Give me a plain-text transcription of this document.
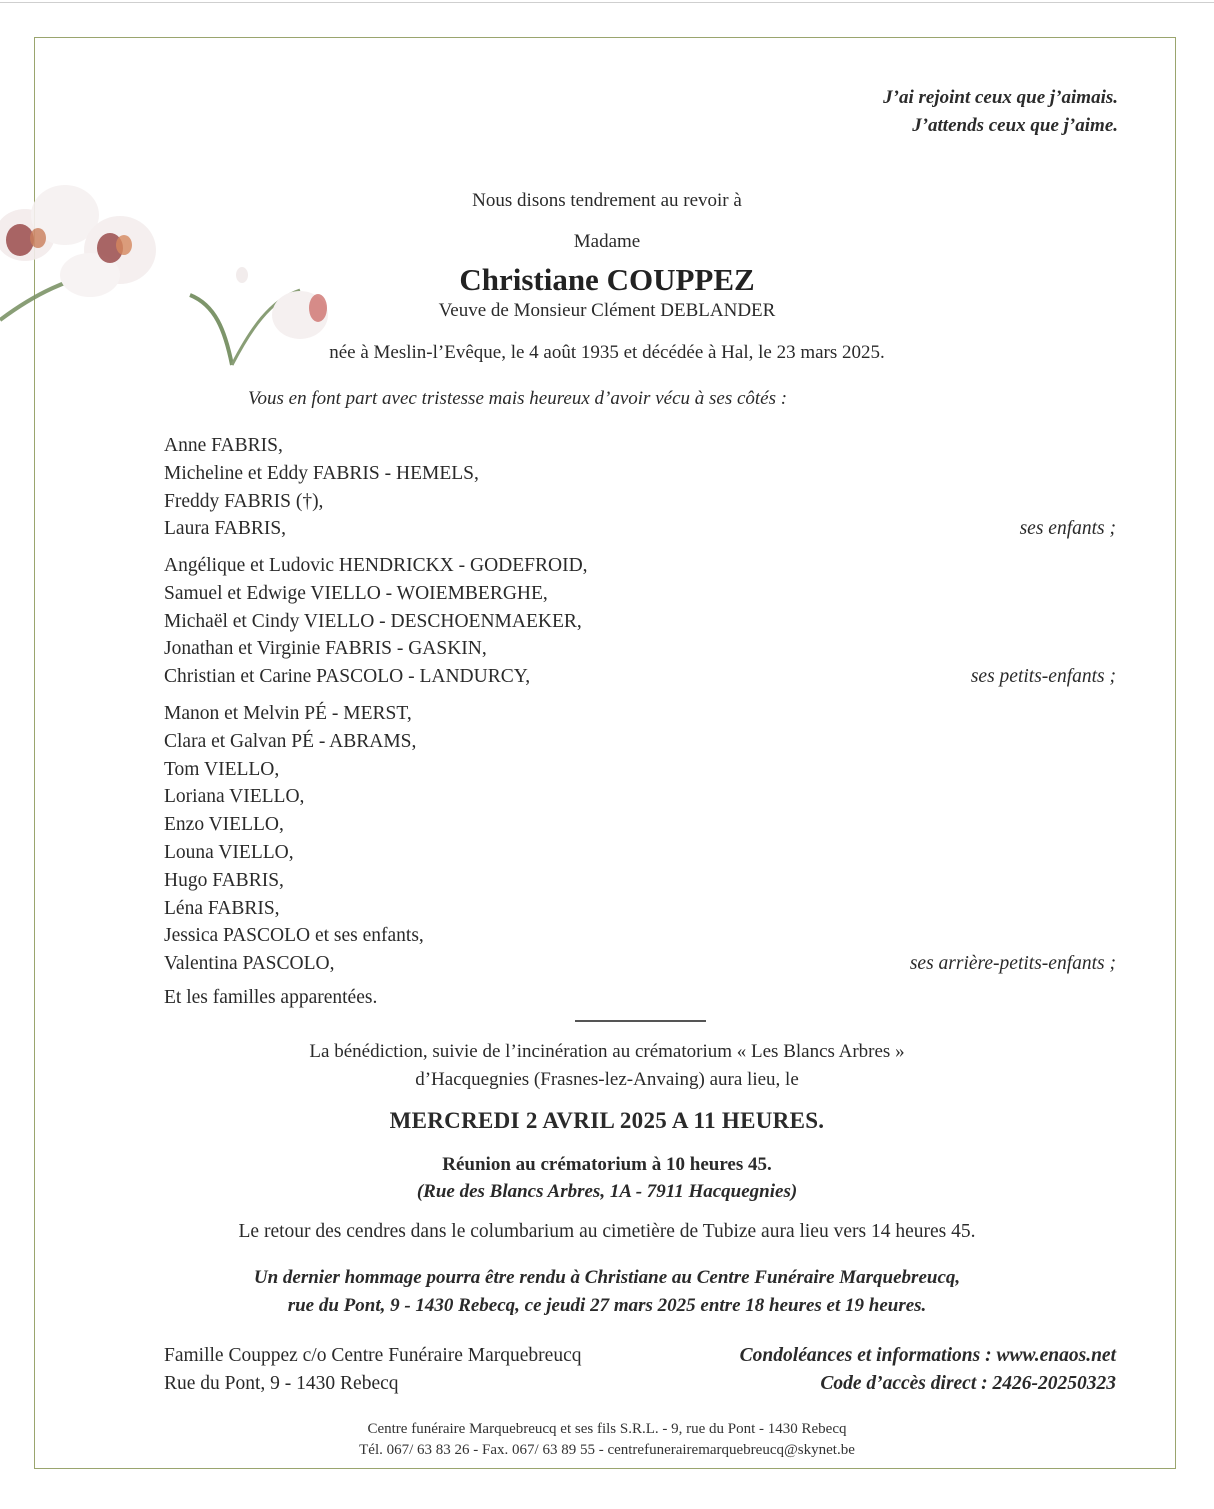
J’ai rejoint ceux que j’aimais.
J’attends ceux que j’aime.
Nous disons tendrement au revoir à
Madame
Christiane COUPPEZ
Veuve de Monsieur Clément DEBLANDER
née à Meslin-l’Evêque, le 4 août 1935 et décédée à Hal, le 23 mars 2025.
Vous en font part avec tristesse mais heureux d’avoir vécu à ses côtés :
Anne FABRIS,
Micheline et Eddy FABRIS - HEMELS,
Freddy FABRIS (†),
Laura FABRIS,	ses enfants ;
Angélique et Ludovic HENDRICKX - GODEFROID,
Samuel et Edwige VIELLO - WOIEMBERGHE,
Michaël et Cindy VIELLO - DESCHOENMAEKER,
Jonathan et Virginie FABRIS - GASKIN,
Christian et Carine PASCOLO - LANDURCY,	ses petits-enfants ;
Manon et Melvin PÉ - MERST,
Clara et Galvan PÉ - ABRAMS,
Tom VIELLO,
Loriana VIELLO,
Enzo VIELLO,
Louna VIELLO,
Hugo FABRIS,
Léna FABRIS,
Jessica PASCOLO et ses enfants,
Valentina PASCOLO,	ses arrière-petits-enfants ;
Et les familles apparentées.
La bénédiction, suivie de l’incinération au crématorium « Les Blancs Arbres »
d’Hacquegnies (Frasnes-lez-Anvaing) aura lieu, le
MERCREDI 2 AVRIL 2025 A 11 HEURES.
Réunion au crématorium à 10 heures 45.
(Rue des Blancs Arbres, 1A - 7911 Hacquegnies)
Le retour des cendres dans le columbarium au cimetière de Tubize aura lieu vers 14 heures 45.
Un dernier hommage pourra être rendu à Christiane au Centre Funéraire Marquebreucq,
rue du Pont, 9 - 1430 Rebecq, ce jeudi 27 mars 2025 entre 18 heures et 19 heures.
Famille Couppez c/o Centre Funéraire Marquebreucq
Rue du Pont, 9 - 1430 Rebecq
Condoléances et informations : www.enaos.net
Code d’accès direct : 2426-20250323
Centre funéraire Marquebreucq et ses fils S.R.L. - 9, rue du Pont - 1430 Rebecq
Tél. 067/ 63 83 26 - Fax. 067/ 63 89 55 - centrefunerairemarquebreucq@skynet.be
